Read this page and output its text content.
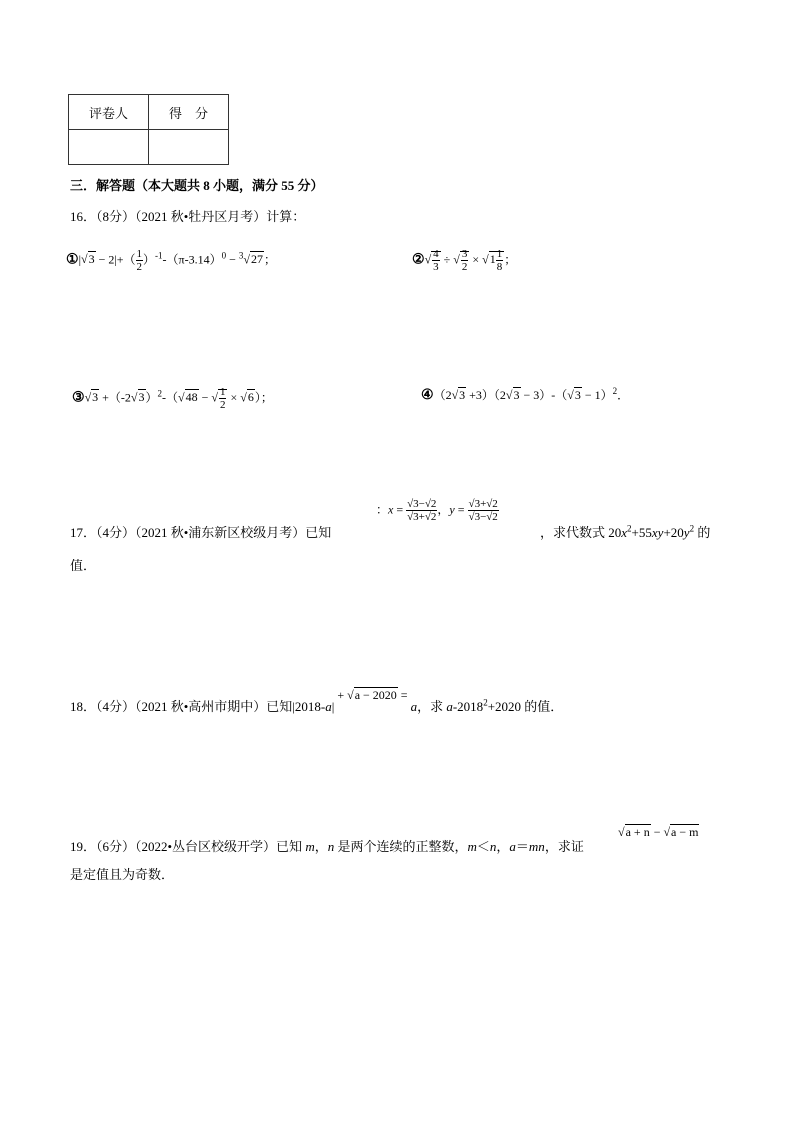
评卷人	得　分

三．解答题（本大题共 8 小题，满分 55 分）
16．（8分）（2021 秋•牡丹区月考）计算：
①|√3 − $2|+( \frac{1}{2} )^{-1}-(\pi-3.14)^0 - ^3√27$；	②√ $\frac{4}{3}$ ÷ √ $\frac{3}{2} \times √1 \frac{1}{8}$ ；
③√3 $+(-2√3)^2-(√48$ − √ $\frac{1}{2} \times √6$）；	④（2√3 $+3)(2√3 - 3)-(√3 - 1)^2$．
17．（4分）（2021 秋•浦东新区校级月考）已知
：$x = \frac{√3-√2}{√3+√2}$ ，$y = \frac{√3+√2}{√3-√2}$
，求代数式 $20x^2+55xy+20y^2$ 的
值．
18．（4分）（2021 秋•高州市期中）已知|2018-a| + √a − 2020 = a，求 $a-2018^2+2020$ 的值．
19．（6分）（2022•丛台区校级开学）已知 m，n 是两个连续的正整数，m＜n，a＝mn，求证
√a + n − √a − m
是定值且为奇数．
